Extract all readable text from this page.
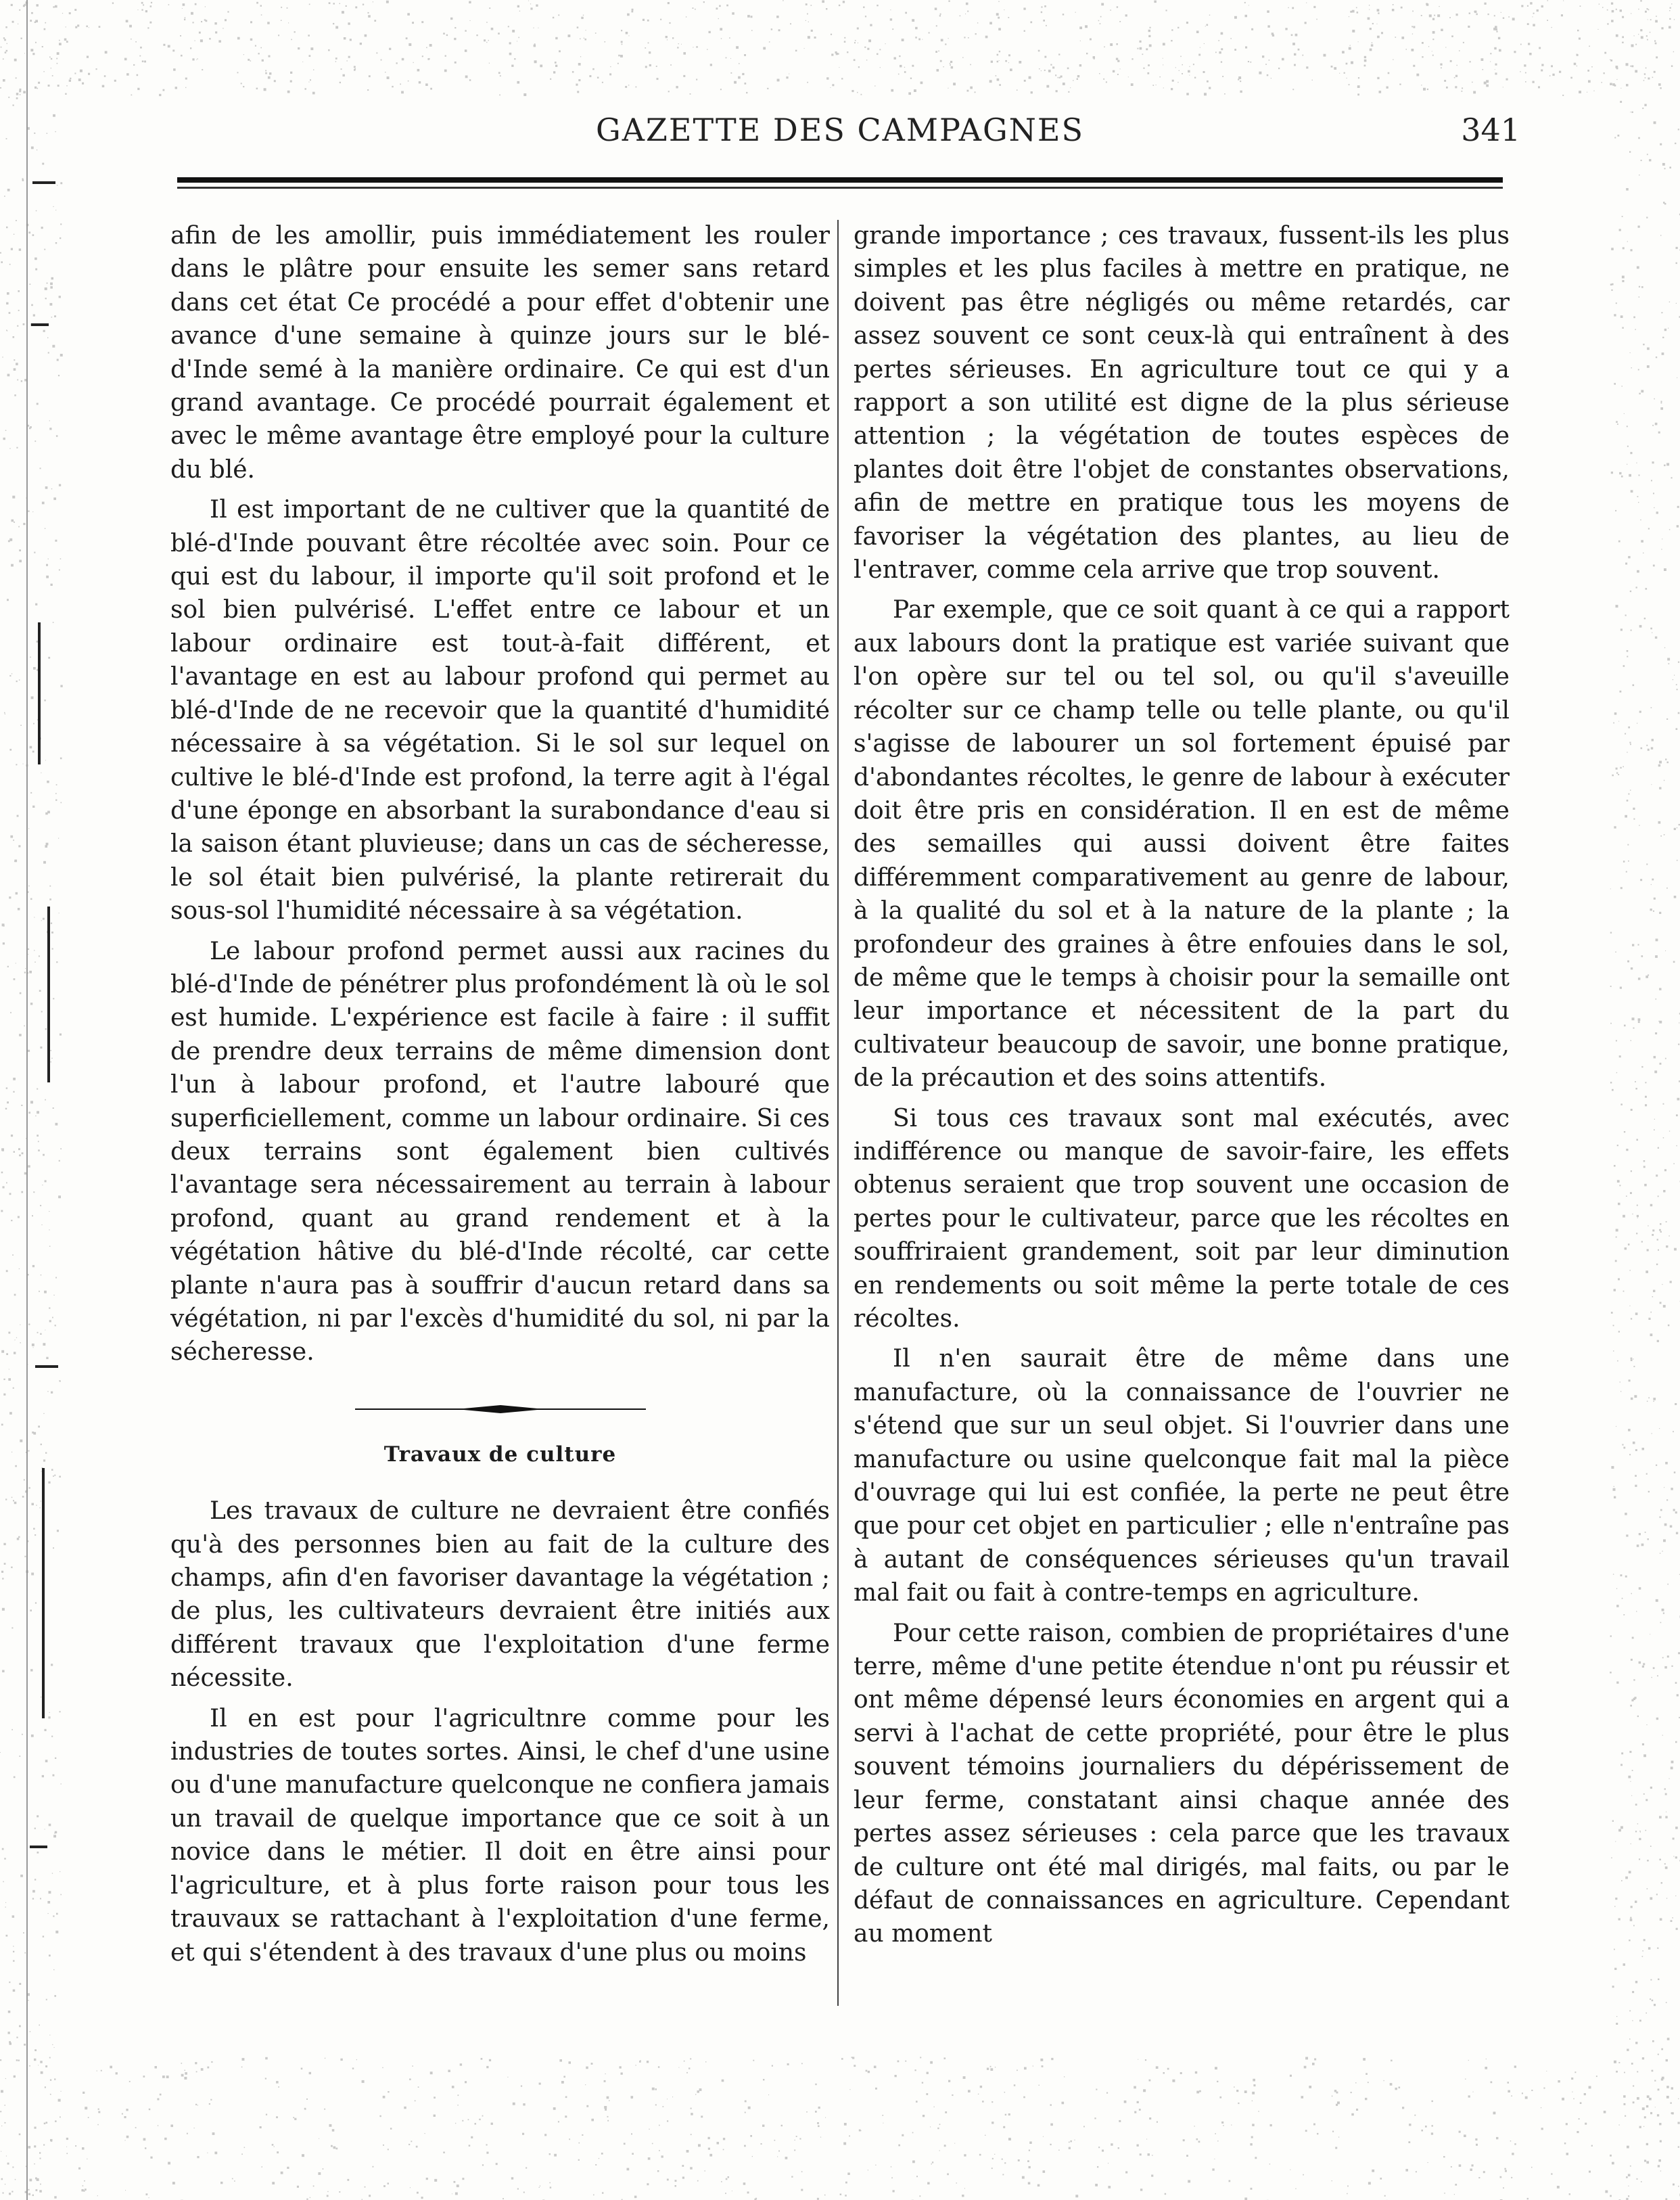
GAZETTE DES CAMPAGNES	341

afin de les amollir, puis immédiatement les rouler dans le plâtre pour ensuite les semer sans retard dans cet état Ce procédé a pour effet d'obtenir une avance d'une semaine à quinze jours sur le blé-d'Inde semé à la manière ordinaire. Ce qui est d'un grand avantage. Ce procédé pourrait également et avec le même avantage être employé pour la culture du blé.

Il est important de ne cultiver que la quantité de blé-d'Inde pouvant être récoltée avec soin. Pour ce qui est du labour, il importe qu'il soit profond et le sol bien pulvérisé. L'effet entre ce labour et un labour ordinaire est tout-à-fait différent, et l'avantage en est au labour profond qui permet au blé-d'Inde de ne recevoir que la quantité d'humidité nécessaire à sa végétation. Si le sol sur lequel on cultive le blé-d'Inde est profond, la terre agit à l'égal d'une éponge en absorbant la surabondance d'eau si la saison étant pluvieuse; dans un cas de sécheresse, le sol était bien pulvérisé, la plante retirerait du sous-sol l'humidité nécessaire à sa végétation.

Le labour profond permet aussi aux racines du blé-d'Inde de pénétrer plus profondément là où le sol est humide. L'expérience est facile à faire : il suffit de prendre deux terrains de même dimension dont l'un à labour profond, et l'autre labouré que superficiellement, comme un labour ordinaire. Si ces deux terrains sont également bien cultivés l'avantage sera nécessairement au terrain à labour profond, quant au grand rendement et à la végétation hâtive du blé-d'Inde récolté, car cette plante n'aura pas à souffrir d'aucun retard dans sa végétation, ni par l'excès d'humidité du sol, ni par la sécheresse.

Travaux de culture

Les travaux de culture ne devraient être confiés qu'à des personnes bien au fait de la culture des champs, afin d'en favoriser davantage la végétation ; de plus, les cultivateurs devraient être initiés aux différent travaux que l'exploitation d'une ferme nécessite.

Il en est pour l'agricultnre comme pour les industries de toutes sortes. Ainsi, le chef d'une usine ou d'une manufacture quelconque ne confiera jamais un travail de quelque importance que ce soit à un novice dans le métier. Il doit en être ainsi pour l'agriculture, et à plus forte raison pour tous les trauvaux se rattachant à l'exploitation d'une ferme, et qui s'étendent à des travaux d'une plus ou moins

grande importance ; ces travaux, fussent-ils les plus simples et les plus faciles à mettre en pratique, ne doivent pas être négligés ou même retardés, car assez souvent ce sont ceux-là qui entraînent à des pertes sérieuses. En agriculture tout ce qui y a rapport a son utilité est digne de la plus sérieuse attention ; la végétation de toutes espèces de plantes doit être l'objet de constantes observations, afin de mettre en pratique tous les moyens de favoriser la végétation des plantes, au lieu de l'entraver, comme cela arrive que trop souvent.

Par exemple, que ce soit quant à ce qui a rapport aux labours dont la pratique est variée suivant que l'on opère sur tel ou tel sol, ou qu'il s'aveuille récolter sur ce champ telle ou telle plante, ou qu'il s'agisse de labourer un sol fortement épuisé par d'abondantes récoltes, le genre de labour à exécuter doit être pris en considération. Il en est de même des semailles qui aussi doivent être faites différemment comparativement au genre de labour, à la qualité du sol et à la nature de la plante ; la profondeur des graines à être enfouies dans le sol, de même que le temps à choisir pour la semaille ont leur importance et nécessitent de la part du cultivateur beaucoup de savoir, une bonne pratique, de la précaution et des soins attentifs.

Si tous ces travaux sont mal exécutés, avec indifférence ou manque de savoir-faire, les effets obtenus seraient que trop souvent une occasion de pertes pour le cultivateur, parce que les récoltes en souffriraient grandement, soit par leur diminution en rendements ou soit même la perte totale de ces récoltes.

Il n'en saurait être de même dans une manufacture, où la connaissance de l'ouvrier ne s'étend que sur un seul objet. Si l'ouvrier dans une manufacture ou usine quelconque fait mal la pièce d'ouvrage qui lui est confiée, la perte ne peut être que pour cet objet en particulier ; elle n'entraîne pas à autant de conséquences sérieuses qu'un travail mal fait ou fait à contre-temps en agriculture.

Pour cette raison, combien de propriétaires d'une terre, même d'une petite étendue n'ont pu réussir et ont même dépensé leurs économies en argent qui a servi à l'achat de cette propriété, pour être le plus souvent témoins journaliers du dépérissement de leur ferme, constatant ainsi chaque année des pertes assez sérieuses : cela parce que les travaux de culture ont été mal dirigés, mal faits, ou par le défaut de connaissances en agriculture. Cependant au moment
